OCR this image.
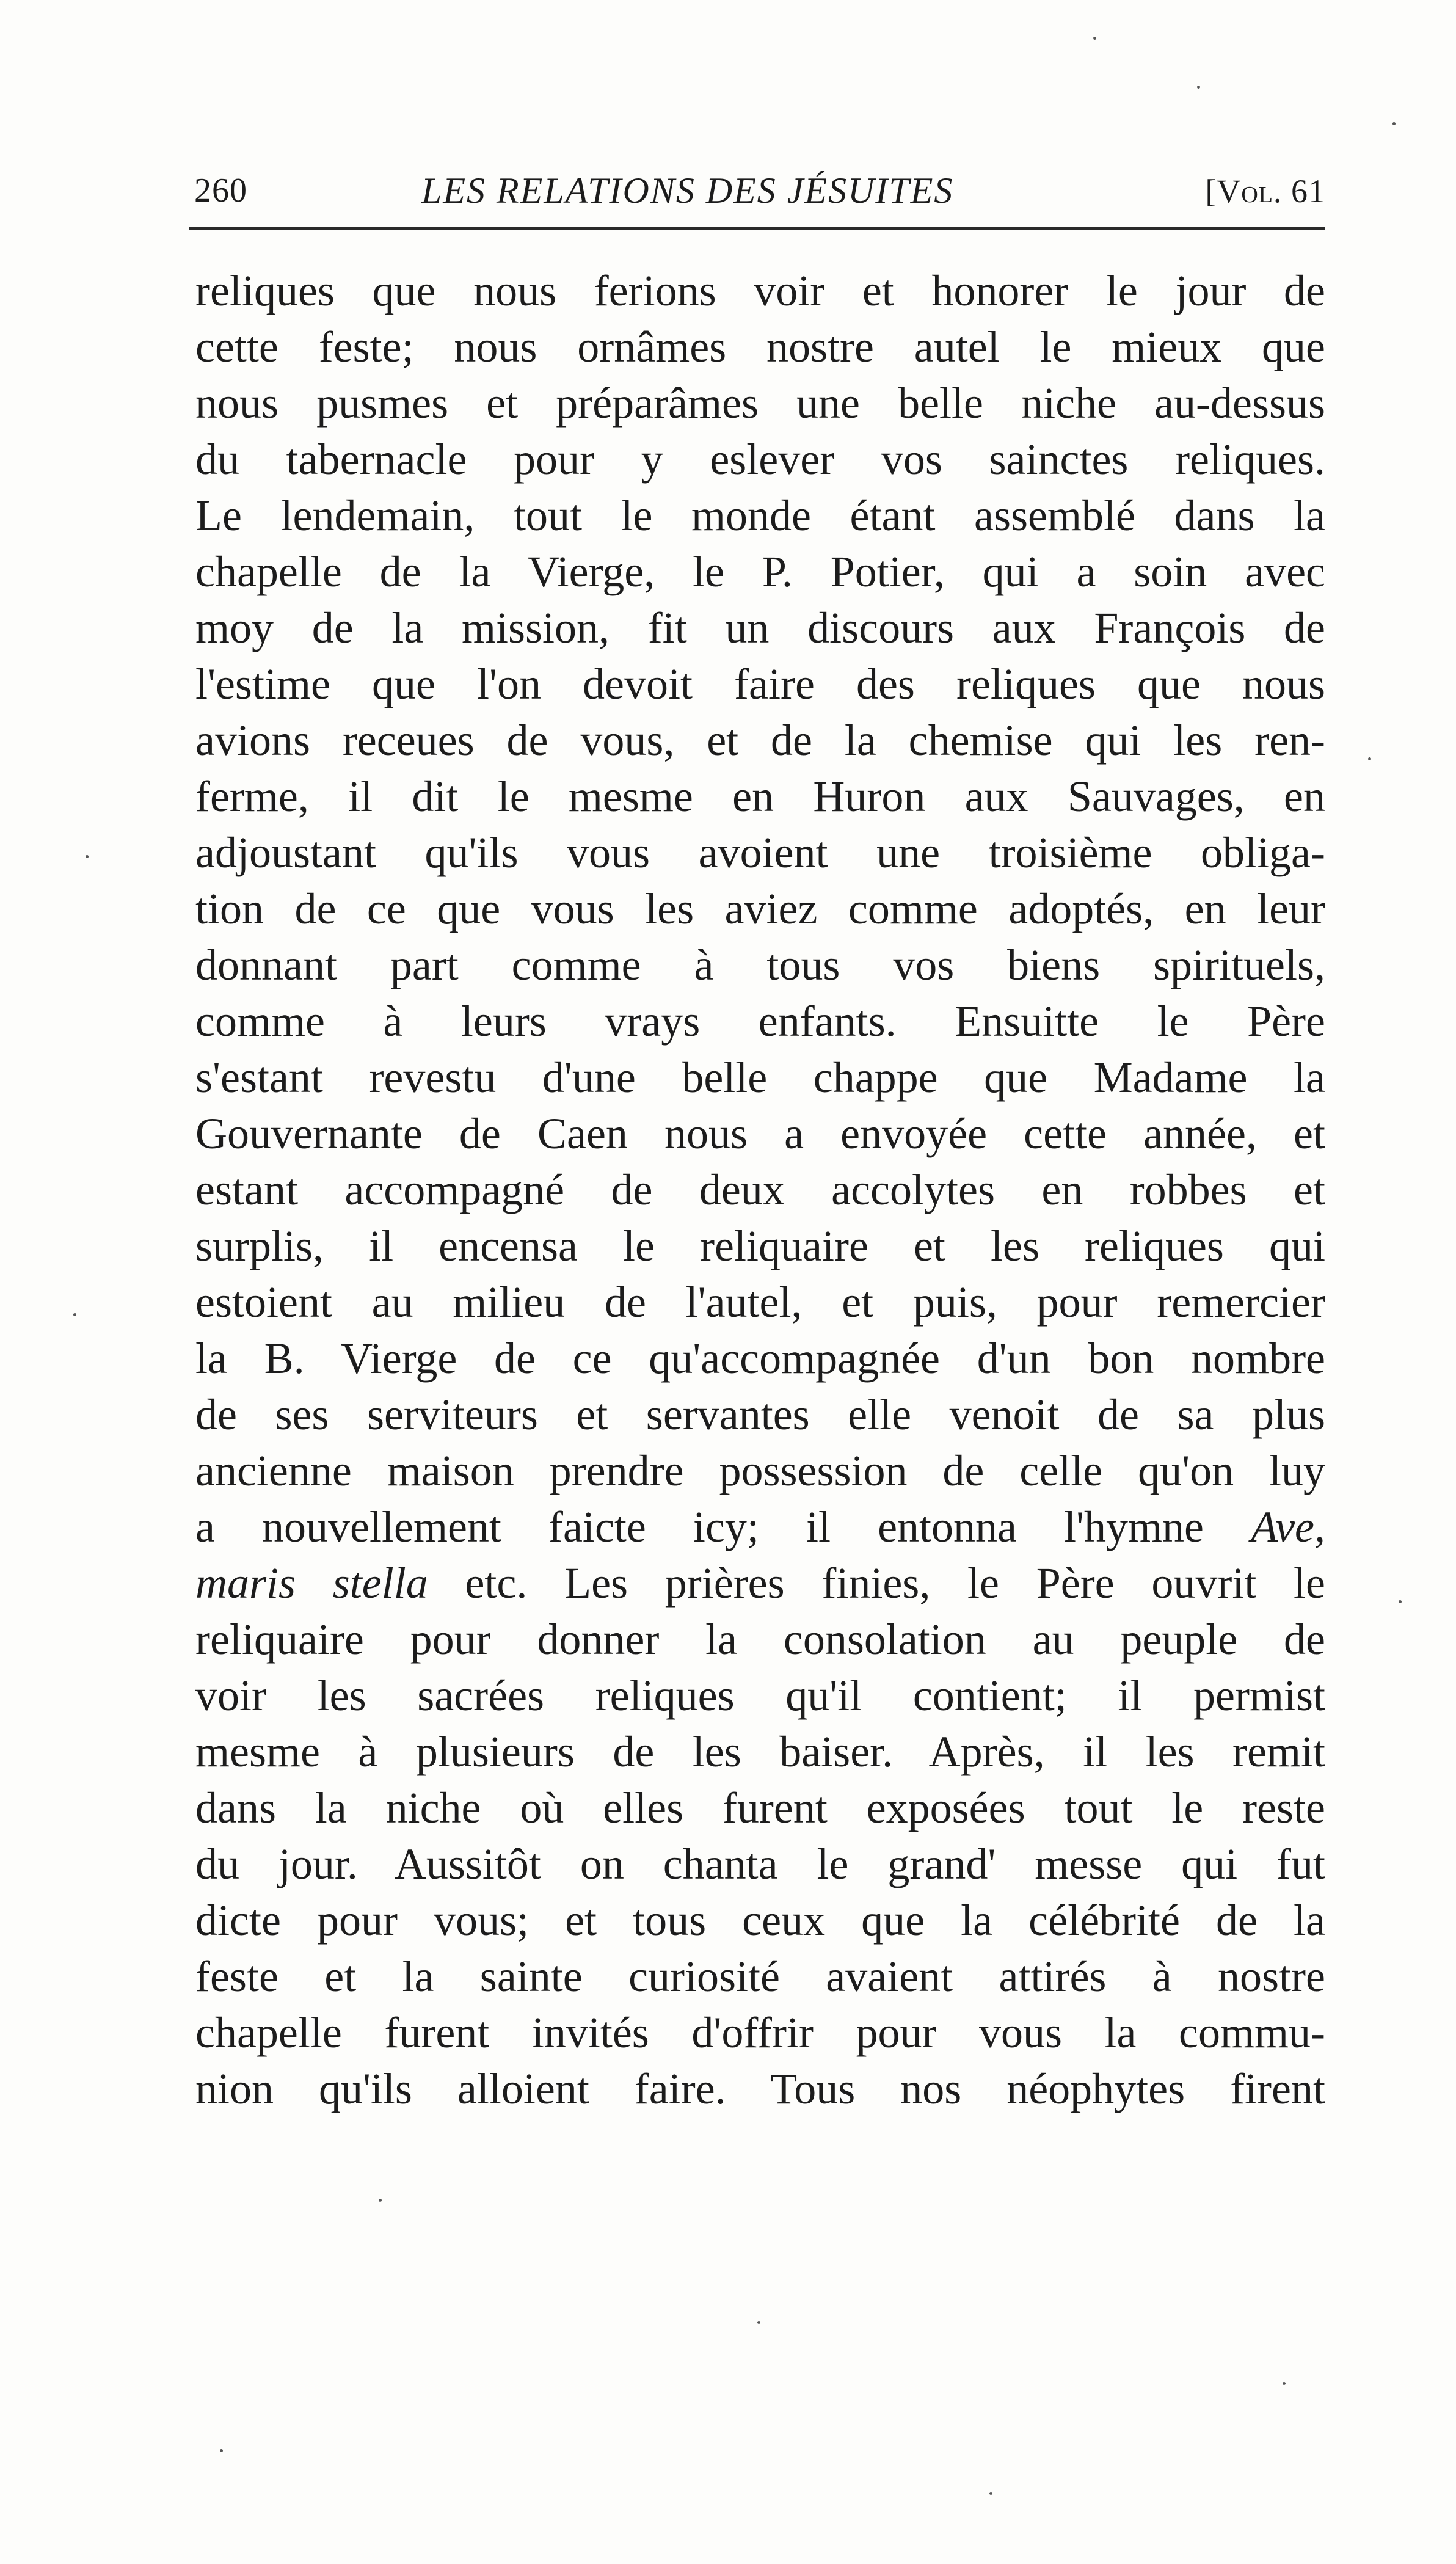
260	LES RELATIONS DES JÉSUITES	[Vol. 61
reliques que nous ferions voir et honorer le jour de
cette feste; nous ornâmes nostre autel le mieux que
nous pusmes et préparâmes une belle niche au-dessus
du tabernacle pour y eslever vos sainctes reliques.
Le lendemain, tout le monde étant assemblé dans la
chapelle de la Vierge, le P. Potier, qui a soin avec
moy de la mission, fit un discours aux François de
l'estime que l'on devoit faire des reliques que nous
avions receues de vous, et de la chemise qui les ren-
ferme, il dit le mesme en Huron aux Sauvages, en
adjoustant qu'ils vous avoient une troisième obliga-
tion de ce que vous les aviez comme adoptés, en leur
donnant part comme à tous vos biens spirituels,
comme à leurs vrays enfants. Ensuitte le Père
s'estant revestu d'une belle chappe que Madame la
Gouvernante de Caen nous a envoyée cette année, et
estant accompagné de deux accolytes en robbes et
surplis, il encensa le reliquaire et les reliques qui
estoient au milieu de l'autel, et puis, pour remercier
la B. Vierge de ce qu'accompagnée d'un bon nombre
de ses serviteurs et servantes elle venoit de sa plus
ancienne maison prendre possession de celle qu'on luy
a nouvellement faicte icy; il entonna l'hymne Ave,
maris stella etc. Les prières finies, le Père ouvrit le
reliquaire pour donner la consolation au peuple de
voir les sacrées reliques qu'il contient; il permist
mesme à plusieurs de les baiser. Après, il les remit
dans la niche où elles furent exposées tout le reste
du jour. Aussitôt on chanta le grand' messe qui fut
dicte pour vous; et tous ceux que la célébrité de la
feste et la sainte curiosité avaient attirés à nostre
chapelle furent invités d'offrir pour vous la commu-
nion qu'ils alloient faire. Tous nos néophytes firent
